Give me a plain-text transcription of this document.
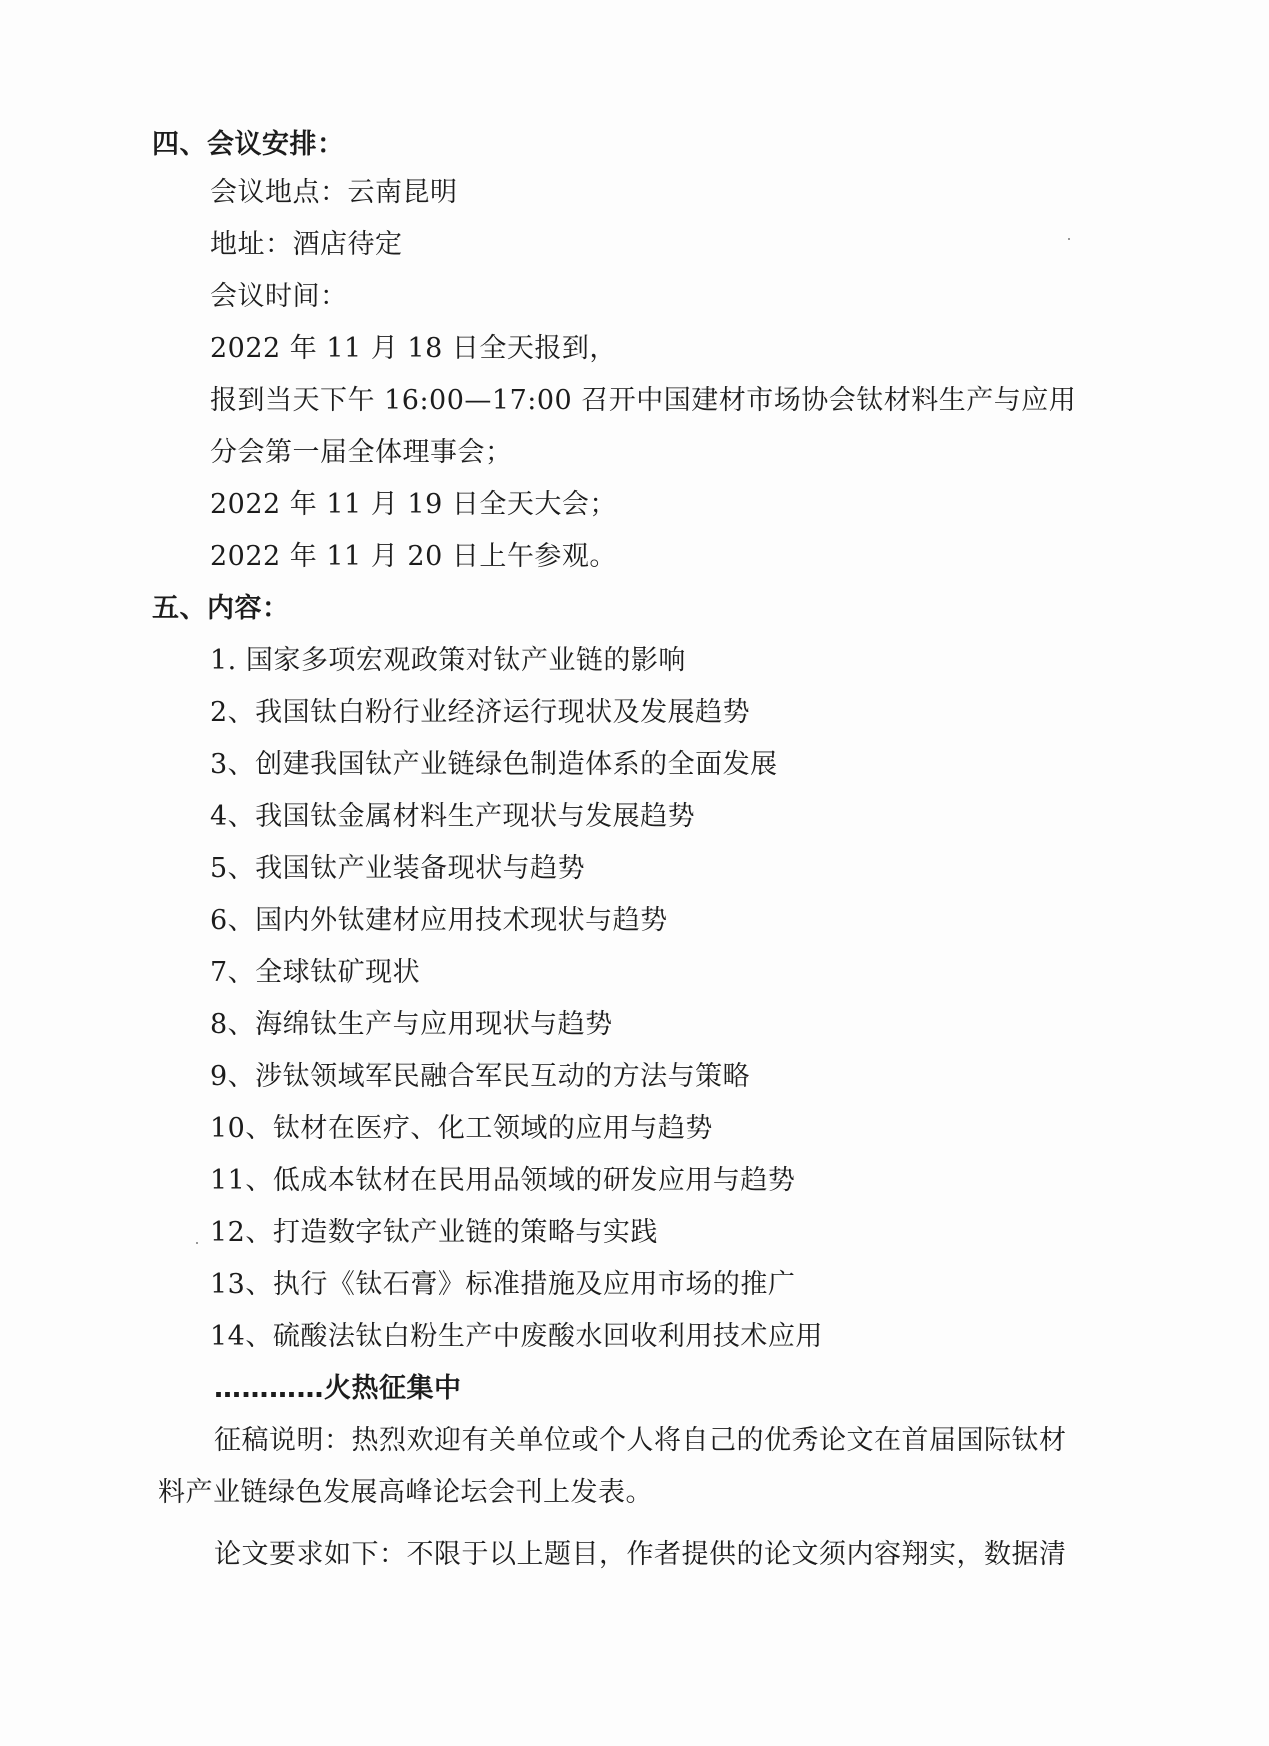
四、会议安排：
会议地点：云南昆明
地址：酒店待定
会议时间：
2022 年 11 月 18 日全天报到，
报到当天下午 16:00—17:00 召开中国建材市场协会钛材料生产与应用
分会第一届全体理事会；
2022 年 11 月 19 日全天大会；
2022 年 11 月 20 日上午参观。
五、内容：
1. 国家多项宏观政策对钛产业链的影响
2、我国钛白粉行业经济运行现状及发展趋势
3、创建我国钛产业链绿色制造体系的全面发展
4、我国钛金属材料生产现状与发展趋势
5、我国钛产业装备现状与趋势
6、国内外钛建材应用技术现状与趋势
7、全球钛矿现状
8、海绵钛生产与应用现状与趋势
9、涉钛领域军民融合军民互动的方法与策略
10、钛材在医疗、化工领域的应用与趋势
11、低成本钛材在民用品领域的研发应用与趋势
12、打造数字钛产业链的策略与实践
13、执行《钛石膏》标准措施及应用市场的推广
14、硫酸法钛白粉生产中废酸水回收利用技术应用
…………火热征集中
征稿说明：热烈欢迎有关单位或个人将自己的优秀论文在首届国际钛材
料产业链绿色发展高峰论坛会刊上发表。
论文要求如下：不限于以上题目，作者提供的论文须内容翔实，数据清
